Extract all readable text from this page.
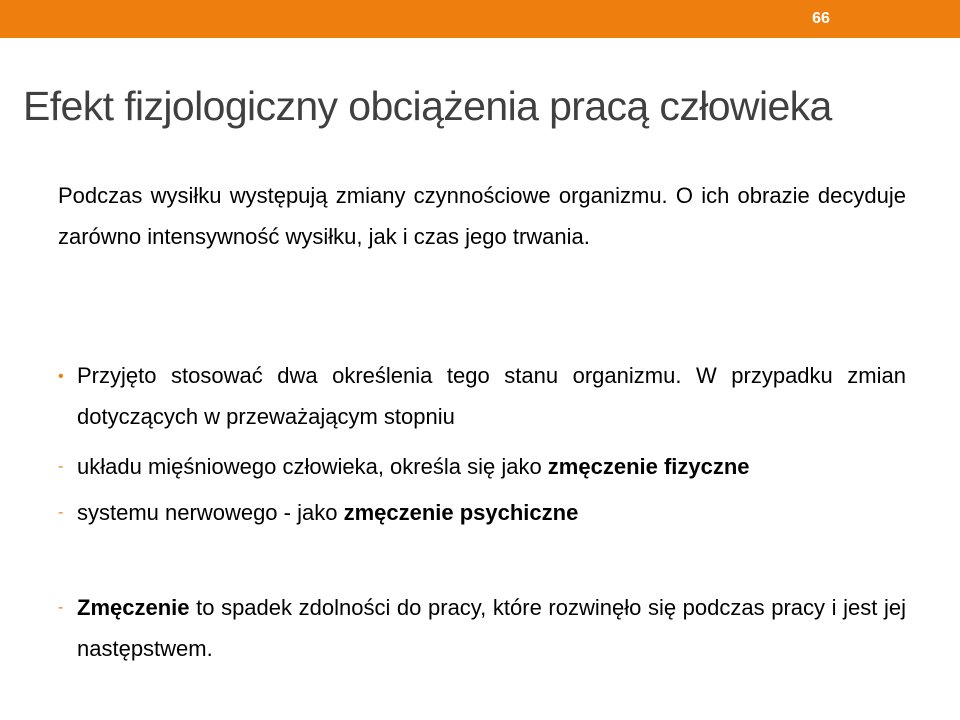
66
Efekt fizjologiczny obciążenia pracą człowieka
Podczas wysiłku występują zmiany czynnościowe organizmu. O ich obrazie decyduje zarówno intensywność wysiłku, jak i czas jego trwania.
• Przyjęto stosować dwa określenia tego stanu organizmu. W przypadku zmian dotyczących w przeważającym stopniu
- układu mięśniowego człowieka, określa się jako zmęczenie fizyczne
- systemu nerwowego - jako zmęczenie psychiczne
- Zmęczenie to spadek zdolności do pracy, które rozwinęło się podczas pracy i jest jej następstwem.
